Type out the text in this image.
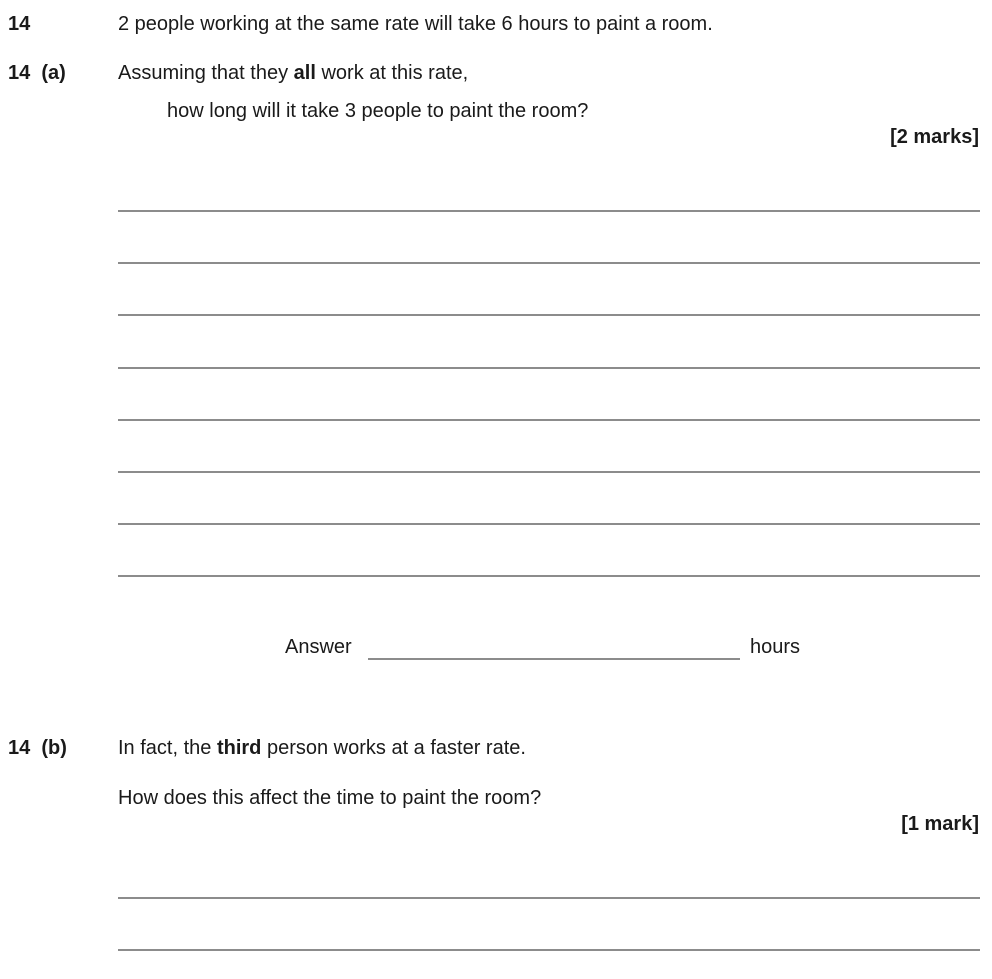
14	2 people working at the same rate will take 6 hours to paint a room.
14 (a)	Assuming that they all work at this rate,
how long will it take 3 people to paint the room?
[2 marks]
Answer	hours
14 (b)	In fact, the third person works at a faster rate.
How does this affect the time to paint the room?
[1 mark]
